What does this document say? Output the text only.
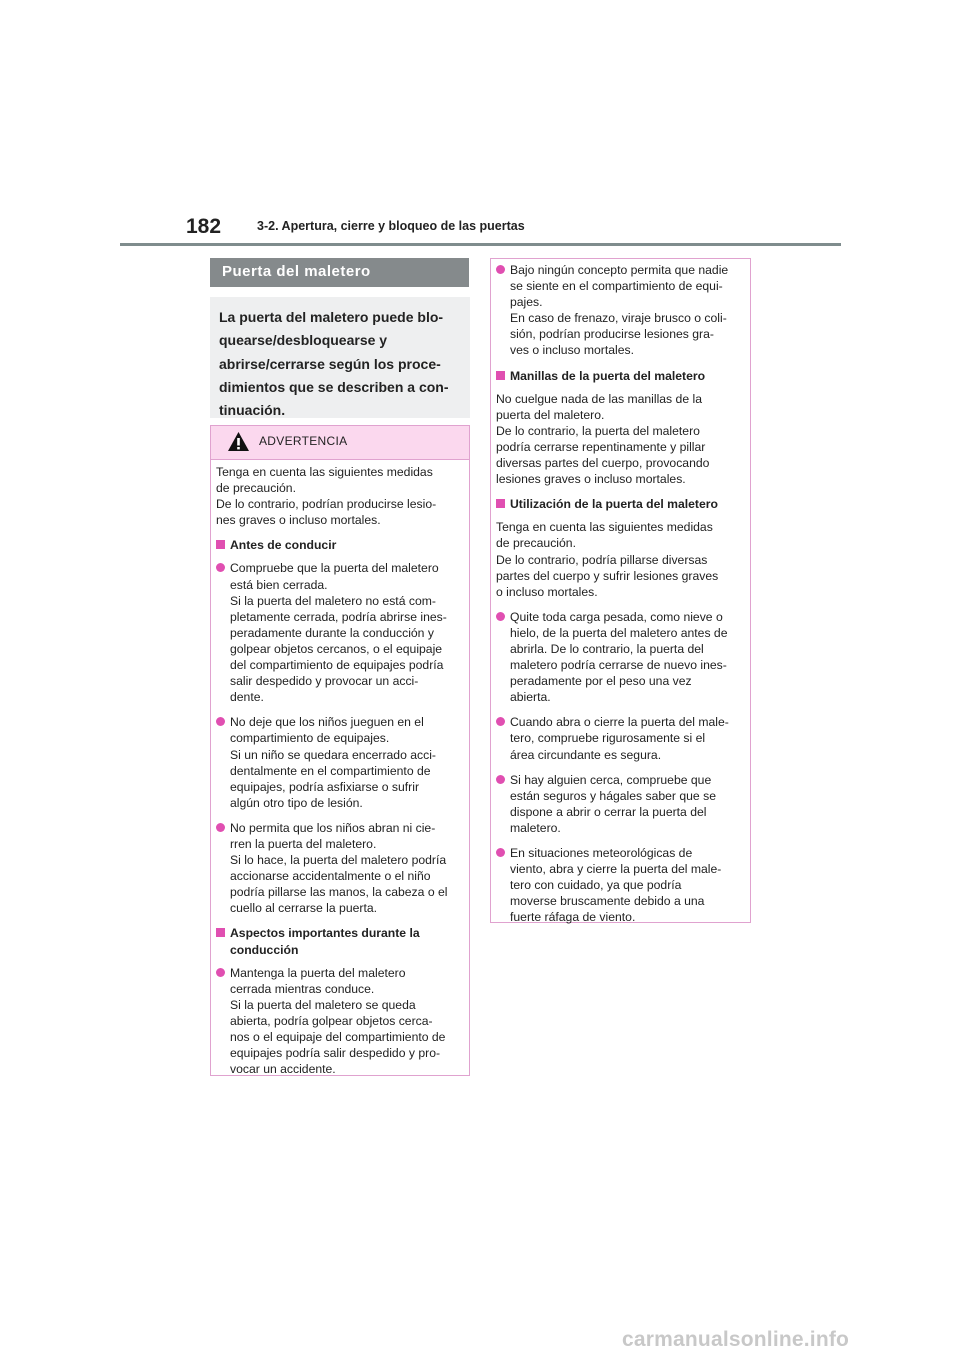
182	3-2. Apertura, cierre y bloqueo de las puertas
Puerta del maletero
La puerta del maletero puede blo-
quearse/desbloquearse y
abrirse/cerrarse según los proce-
dimientos que se describen a con-
tinuación.
ADVERTENCIA
Tenga en cuenta las siguientes medidas
de precaución.
De lo contrario, podrían producirse lesio-
nes graves o incluso mortales.
Antes de conducir
Compruebe que la puerta del maletero
está bien cerrada.
Si la puerta del maletero no está com-
pletamente cerrada, podría abrirse ines-
peradamente durante la conducción y
golpear objetos cercanos, o el equipaje
del compartimiento de equipajes podría
salir despedido y provocar un acci-
dente.
No deje que los niños jueguen en el
compartimiento de equipajes.
Si un niño se quedara encerrado acci-
dentalmente en el compartimiento de
equipajes, podría asfixiarse o sufrir
algún otro tipo de lesión.
No permita que los niños abran ni cie-
rren la puerta del maletero.
Si lo hace, la puerta del maletero podría
accionarse accidentalmente o el niño
podría pillarse las manos, la cabeza o el
cuello al cerrarse la puerta.
Aspectos importantes durante la
conducción
Mantenga la puerta del maletero
cerrada mientras conduce.
Si la puerta del maletero se queda
abierta, podría golpear objetos cerca-
nos o el equipaje del compartimiento de
equipajes podría salir despedido y pro-
vocar un accidente.
Bajo ningún concepto permita que nadie
se siente en el compartimiento de equi-
pajes.
En caso de frenazo, viraje brusco o coli-
sión, podrían producirse lesiones gra-
ves o incluso mortales.
Manillas de la puerta del maletero
No cuelgue nada de las manillas de la
puerta del maletero.
De lo contrario, la puerta del maletero
podría cerrarse repentinamente y pillar
diversas partes del cuerpo, provocando
lesiones graves o incluso mortales.
Utilización de la puerta del maletero
Tenga en cuenta las siguientes medidas
de precaución.
De lo contrario, podría pillarse diversas
partes del cuerpo y sufrir lesiones graves
o incluso mortales.
Quite toda carga pesada, como nieve o
hielo, de la puerta del maletero antes de
abrirla. De lo contrario, la puerta del
maletero podría cerrarse de nuevo ines-
peradamente por el peso una vez
abierta.
Cuando abra o cierre la puerta del male-
tero, compruebe rigurosamente si el
área circundante es segura.
Si hay alguien cerca, compruebe que
están seguros y hágales saber que se
dispone a abrir o cerrar la puerta del
maletero.
En situaciones meteorológicas de
viento, abra y cierre la puerta del male-
tero con cuidado, ya que podría
moverse bruscamente debido a una
fuerte ráfaga de viento.
carmanualsonline.info
